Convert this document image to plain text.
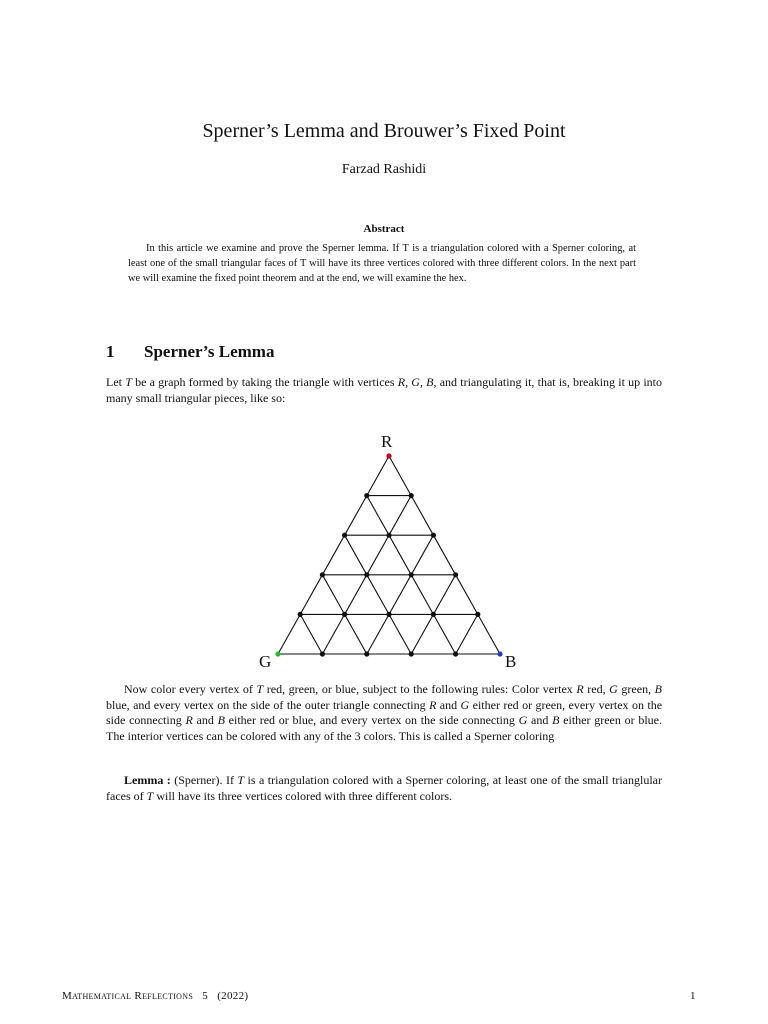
Sperner’s Lemma and Brouwer’s Fixed Point
Farzad Rashidi
Abstract
In this article we examine and prove the Sperner lemma. If T is a triangulation colored with a Sperner coloring, at least one of the small triangular faces of T will have its three vertices colored with three different colors. In the next part we will examine the fixed point theorem and at the end, we will examine the hex.
1 Sperner’s Lemma
Let T be a graph formed by taking the triangle with vertices R, G, B, and triangulating it, that is, breaking it up into many small triangular pieces, like so:
R
G	B
Now color every vertex of T red, green, or blue, subject to the following rules: Color vertex R red, G green, B blue, and every vertex on the side of the outer triangle connecting R and G either red or green, every vertex on the side connecting R and B either red or blue, and every vertex on the side connecting G and B either green or blue. The interior vertices can be colored with any of the 3 colors. This is called a Sperner coloring
Lemma : (Sperner). If T is a triangulation colored with a Sperner coloring, at least one of the small trianglular faces of T will have its three vertices colored with three different colors.
Mathematical Reflections 5 (2022)	1
